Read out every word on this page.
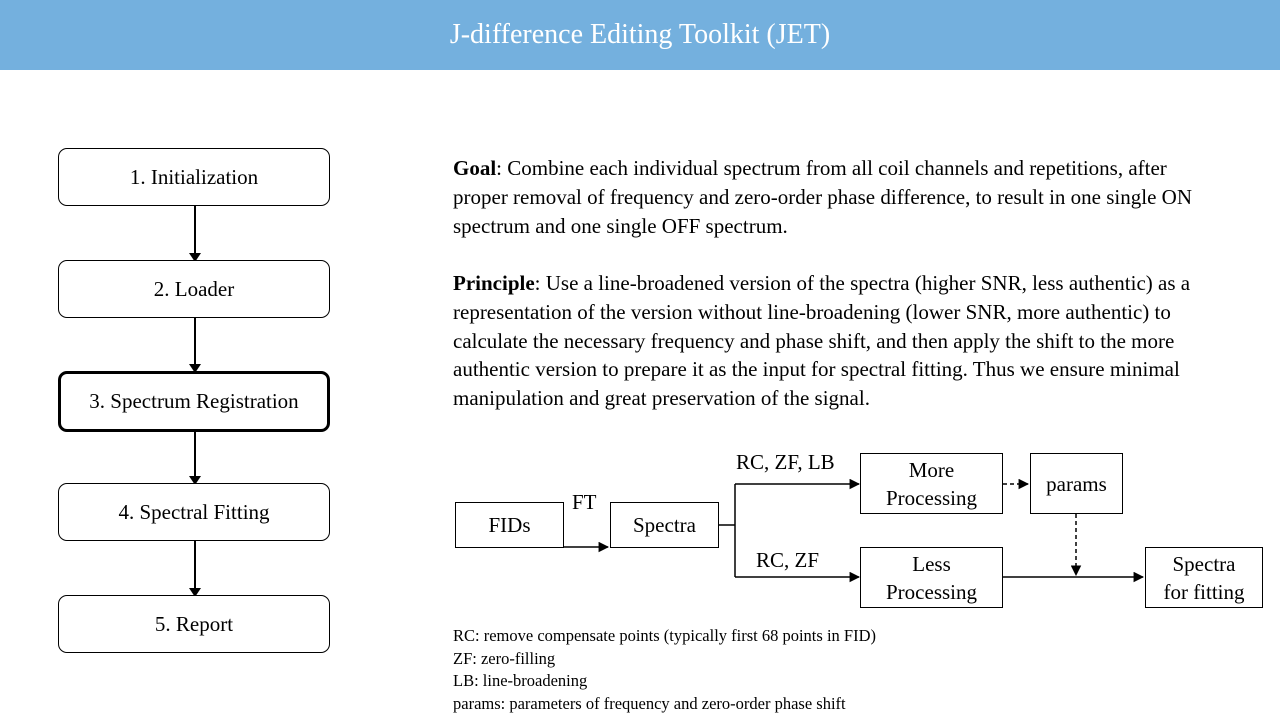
J-difference Editing Toolkit (JET)
1. Initialization
2. Loader
3. Spectrum Registration
4. Spectral Fitting
5. Report
Goal: Combine each individual spectrum from all coil channels and repetitions, after proper removal of frequency and zero-order phase difference, to result in one single ON spectrum and one single OFF spectrum.
Principle: Use a line-broadened version of the spectra (higher SNR, less authentic) as a representation of the version without line-broadening (lower SNR, more authentic) to calculate the necessary frequency and phase shift, and then apply the shift to the more authentic version to prepare it as the input for spectral fitting. Thus we ensure minimal manipulation and great preservation of the signal.
FIDs
FT
Spectra
RC, ZF, LB
RC, ZF
More
Processing
params
Less
Processing
Spectra
for fitting
RC: remove compensate points (typically first 68 points in FID)
ZF: zero-filling
LB: line-broadening
params: parameters of frequency and zero-order phase shift
